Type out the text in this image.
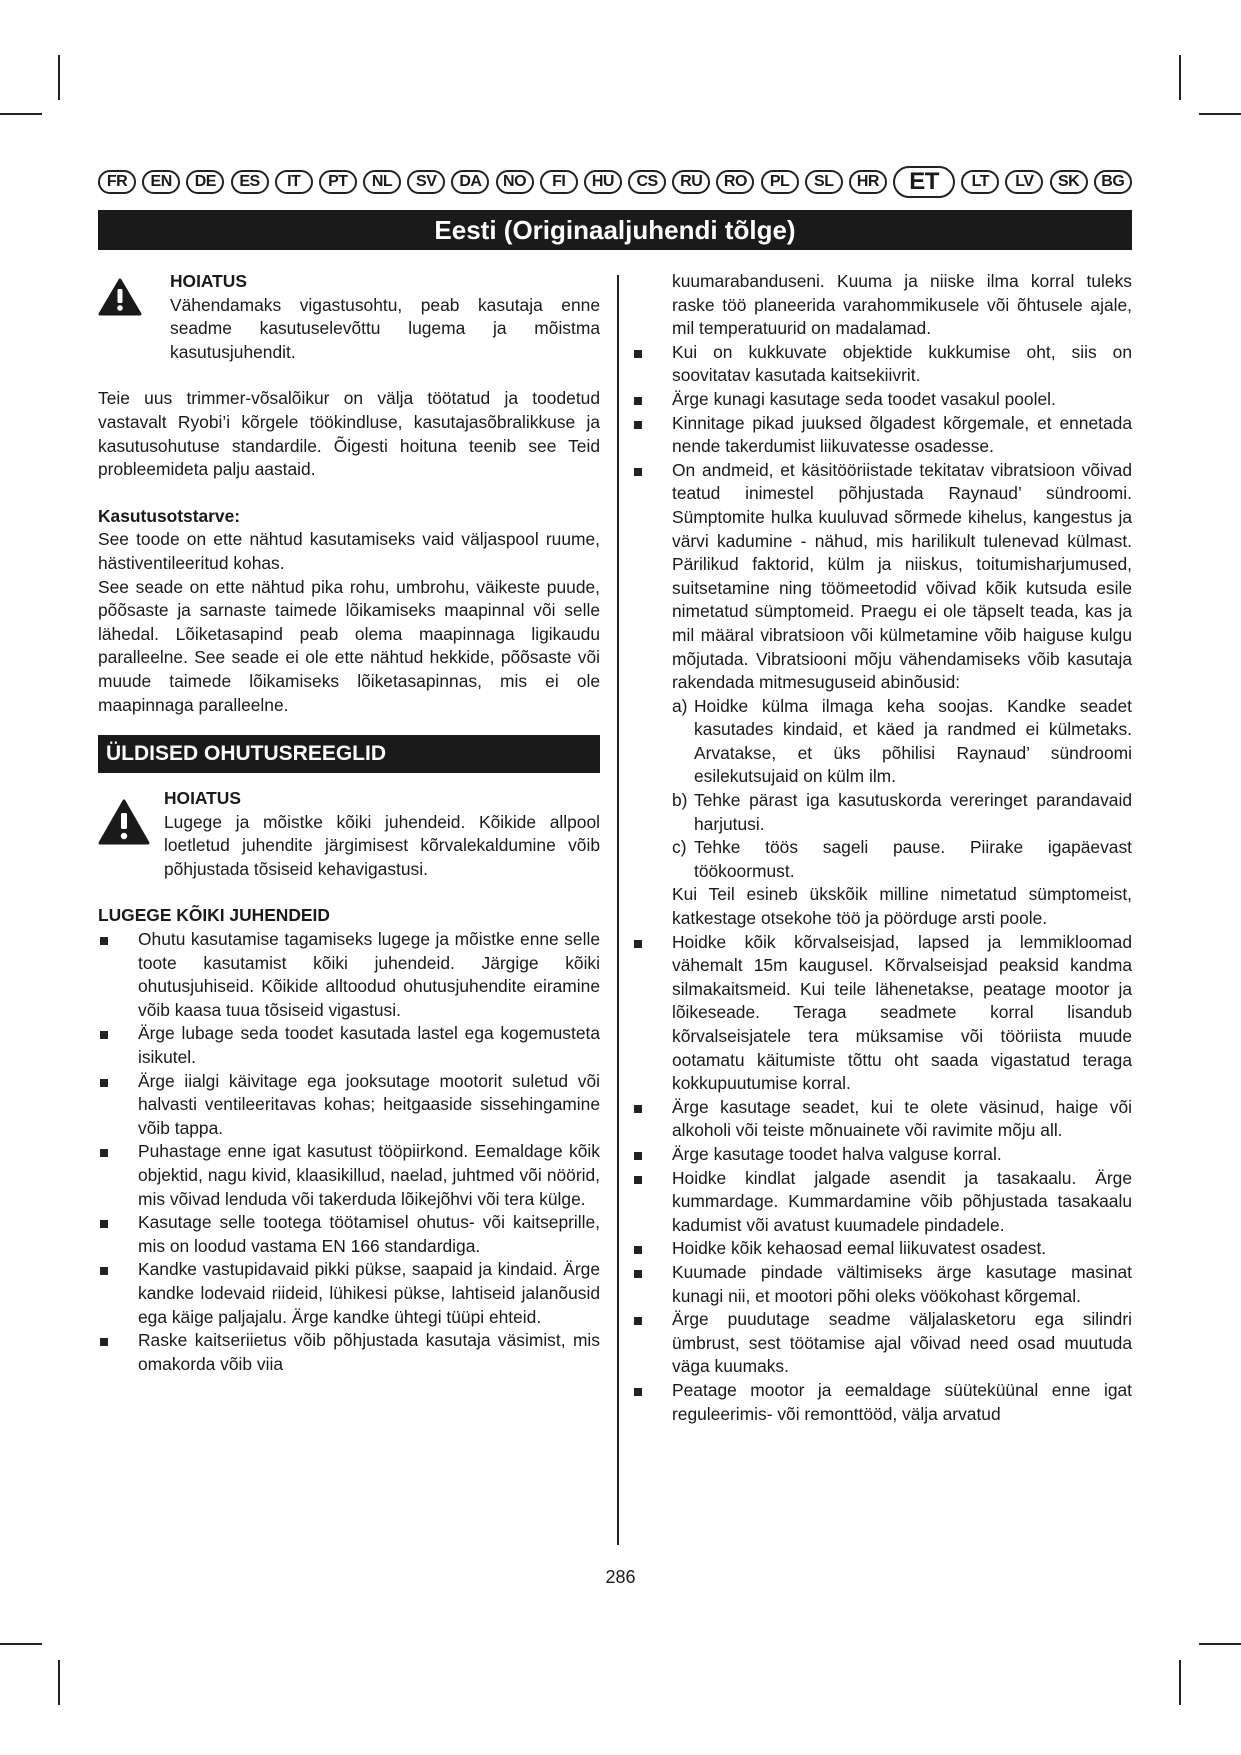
FR	EN	DE	ES	IT	PT	NL	SV	DA	NO	FI	HU	CS	RU	RO	PL	SL	HR	ET	LT	LV	SK	BG
Eesti (Originaaljuhendi tõlge)
HOIATUS

Vähendamaks vigastusohtu, peab kasutaja enne seadme kasutuselevõttu lugema ja mõistma kasutusjuhendit.

Teie uus trimmer-võsalõikur on välja töötatud ja toodetud vastavalt Ryobi’i kõrgele töökindluse, kasutajasõbralikkuse ja kasutusohutuse standardile. Õigesti hoituna teenib see Teid probleemideta palju aastaid.

Kasutusotstarve:

See toode on ette nähtud kasutamiseks vaid väljaspool ruume, hästiventileeritud kohas.

See seade on ette nähtud pika rohu, umbrohu, väikeste puude, põõsaste ja sarnaste taimede lõikamiseks maapinnal või selle lähedal. Lõiketasapind peab olema maapinnaga ligikaudu paralleelne. See seade ei ole ette nähtud hekkide, põõsaste või muude taimede lõikamiseks lõiketasapinnas, mis ei ole maapinnaga paralleelne.

ÜLDISED OHUTUSREEGLID
HOIATUS

Lugege ja mõistke kõiki juhendeid. Kõikide allpool loetletud juhendite järgimisest kõrvalekaldumine võib põhjustada tõsiseid kehavigastusi.

LUGEGE KÕIKI JUHENDEID
Ohutu kasutamise tagamiseks lugege ja mõistke enne selle toote kasutamist kõiki juhendeid. Järgige kõiki ohutusjuhiseid. Kõikide alltoodud ohutusjuhendite eiramine võib kaasa tuua tõsiseid vigastusi.
Ärge lubage seda toodet kasutada lastel ega kogemusteta isikutel.
Ärge iialgi käivitage ega jooksutage mootorit suletud või halvasti ventileeritavas kohas; heitgaaside sissehingamine võib tappa.
Puhastage enne igat kasutust tööpiirkond. Eemaldage kõik objektid, nagu kivid, klaasikillud, naelad, juhtmed või nöörid, mis võivad lenduda või takerduda lõikejõhvi või tera külge.
Kasutage selle tootega töötamisel ohutus- või kaitseprille, mis on loodud vastama EN 166 standardiga.
Kandke vastupidavaid pikki pükse, saapaid ja kindaid. Ärge kandke lodevaid riideid, lühikesi pükse, lahtiseid jalanõusid ega käige paljajalu. Ärge kandke ühtegi tüüpi ehteid.
Raske kaitseriietus võib põhjustada kasutaja väsimist, mis omakorda võib viia

kuumarabanduseni. Kuuma ja niiske ilma korral tuleks raske töö planeerida varahommikusele või õhtusele ajale, mil temperatuurid on madalamad.

Kui on kukkuvate objektide kukkumise oht, siis on soovitatav kasutada kaitsekiivrit.
Ärge kunagi kasutage seda toodet vasakul poolel.
Kinnitage pikad juuksed õlgadest kõrgemale, et ennetada nende takerdumist liikuvatesse osadesse.
On andmeid, et käsitööriistade tekitatav vibratsioon võivad teatud inimestel põhjustada Raynaud’ sündroomi. Sümptomite hulka kuuluvad sõrmede kihelus, kangestus ja värvi kadumine - nähud, mis harilikult tulenevad külmast. Pärilikud faktorid, külm ja niiskus, toitumisharjumused, suitsetamine ning töömeetodid võivad kõik kutsuda esile nimetatud sümptomeid. Praegu ei ole täpselt teada, kas ja mil määral vibratsioon või külmetamine võib haiguse kulgu mõjutada. Vibratsiooni mõju vähendamiseks võib kasutaja rakendada mitmesuguseid abinõusid:
a) Hoidke külma ilmaga keha soojas. Kandke seadet kasutades kindaid, et käed ja randmed ei külmetaks. Arvatakse, et üks põhilisi Raynaud’ sündroomi esilekutsujaid on külm ilm.
b) Tehke pärast iga kasutuskorda vereringet parandavaid harjutusi.
c) Tehke töös sageli pause. Piirake igapäevast töökoormust.

Kui Teil esineb ükskõik milline nimetatud sümptomeist, katkestage otsekohe töö ja pöörduge arsti poole.

Hoidke kõik kõrvalseisjad, lapsed ja lemmikloomad vähemalt 15m kaugusel. Kõrvalseisjad peaksid kandma silmakaitsmeid. Kui teile lähenetakse, peatage mootor ja lõikeseade. Teraga seadmete korral lisandub kõrvalseisjatele tera müksamise või tööriista muude ootamatu käitumiste tõttu oht saada vigastatud teraga kokkupuutumise korral.
Ärge kasutage seadet, kui te olete väsinud, haige või alkoholi või teiste mõnuainete või ravimite mõju all.
Ärge kasutage toodet halva valguse korral.
Hoidke kindlat jalgade asendit ja tasakaalu. Ärge kummardage. Kummardamine võib põhjustada tasakaalu kadumist või avatust kuumadele pindadele.
Hoidke kõik kehaosad eemal liikuvatest osadest.
Kuumade pindade vältimiseks ärge kasutage masinat kunagi nii, et mootori põhi oleks vöökohast kõrgemal.
Ärge puudutage seadme väljalasketoru ega silindri ümbrust, sest töötamise ajal võivad need osad muutuda väga kuumaks.
Peatage mootor ja eemaldage süüteküünal enne igat reguleerimis- või remonttööd, välja arvatud
286
